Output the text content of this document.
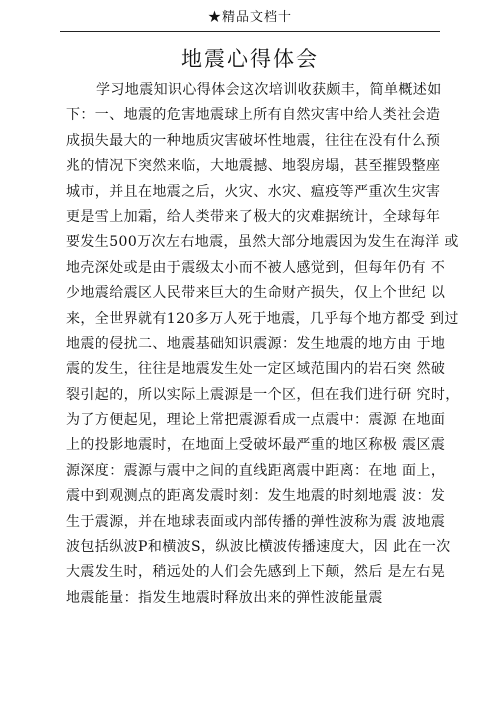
★精品文档十
地震心得体会
学习地震知识心得体会这次培训收获颇丰，简单概述如
下：一、地震的危害地震球上所有自然灾害中给人类社会造
成损失最大的一种地质灾害破坏性地震，往往在没有什么预
兆的情况下突然来临，大地震撼、地裂房塌，甚至摧毁整座
城市，并且在地震之后，火灾、水灾、瘟疫等严重次生灾害
更是雪上加霜，给人类带来了极大的灾难据统计，全球每年
要发生500万次左右地震，虽然大部分地震因为发生在海洋 或
地壳深处或是由于震级太小而不被人感觉到，但每年仍有 不
少地震给震区人民带来巨大的生命财产损失，仅上个世纪 以
来，全世界就有120多万人死于地震，几乎每个地方都受 到过
地震的侵扰二、地震基础知识震源：发生地震的地方由 于地
震的发生，往往是地震发生处一定区域范围内的岩石突 然破
裂引起的，所以实际上震源是一个区，但在我们进行研 究时，
为了方便起见，理论上常把震源看成一点震中：震源 在地面
上的投影地震时，在地面上受破坏最严重的地区称极 震区震
源深度：震源与震中之间的直线距离震中距离：在地 面上，
震中到观测点的距离发震时刻：发生地震的时刻地震 波：发
生于震源，并在地球表面或内部传播的弹性波称为震 波地震
波包括纵波P和横波S，纵波比横波传播速度大，因 此在一次
大震发生时，稍远处的人们会先感到上下颠，然后 是左右晃
地震能量：指发生地震时释放出来的弹性波能量震
